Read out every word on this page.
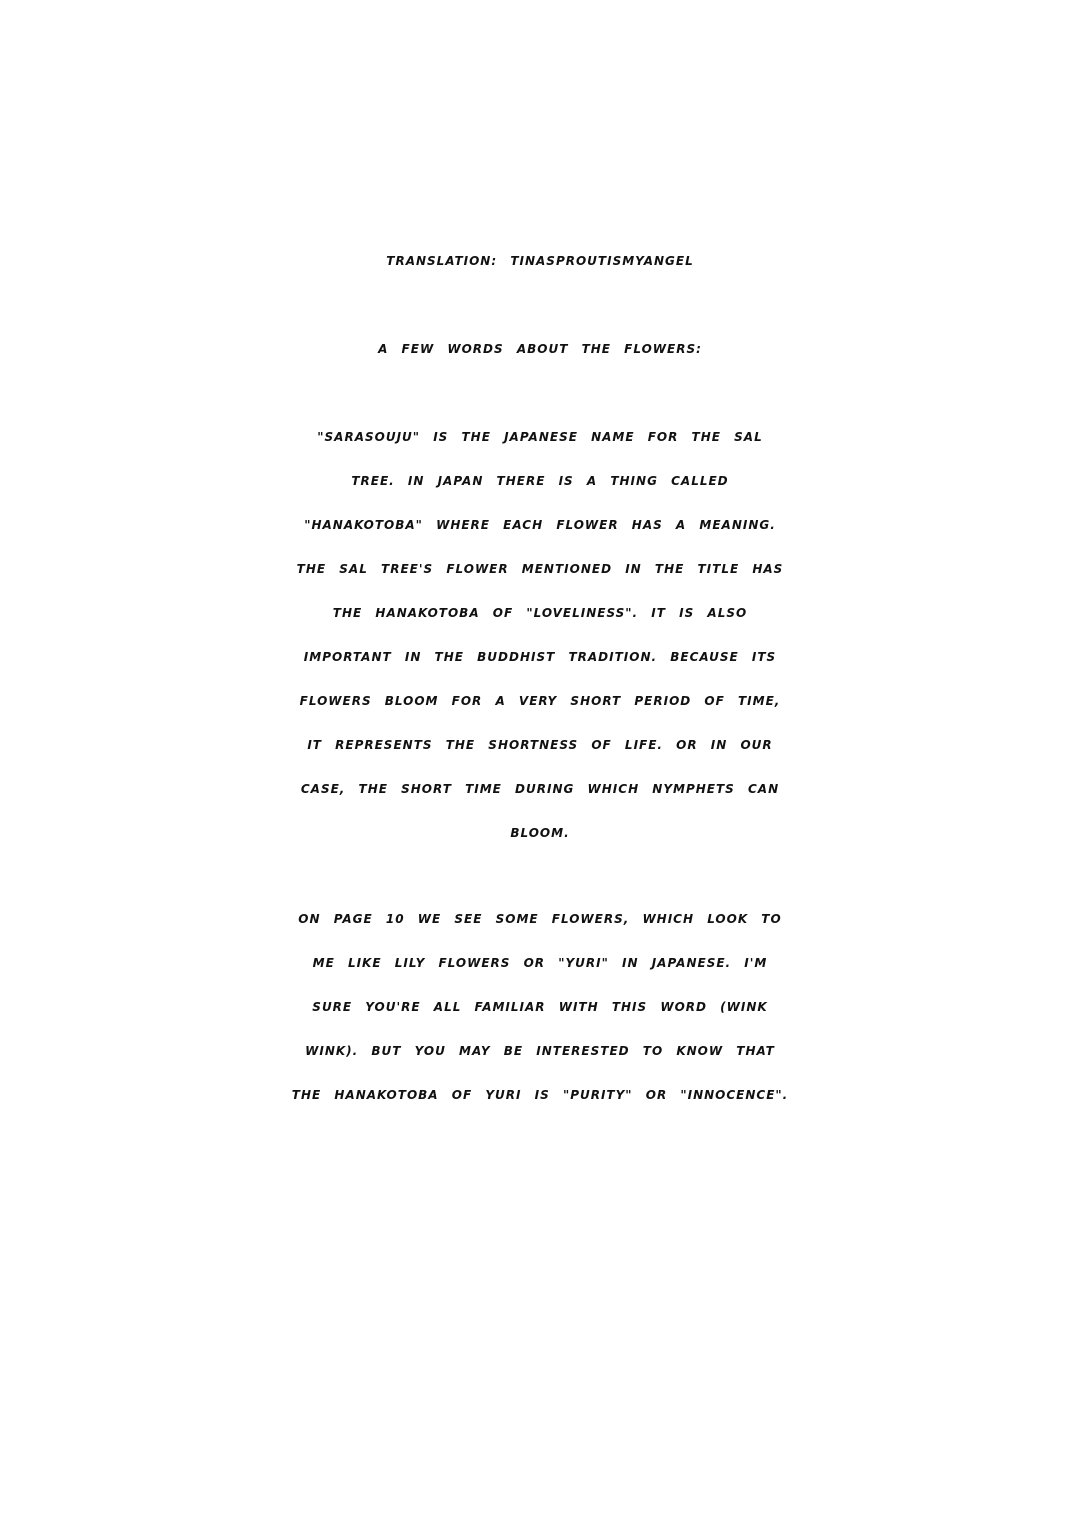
TRANSLATION: TINASPROUTISMYANGEL
A FEW WORDS ABOUT THE FLOWERS:
"SARASOUJU" IS THE JAPANESE NAME FOR THE SAL
TREE. IN JAPAN THERE IS A THING CALLED
"HANAKOTOBA" WHERE EACH FLOWER HAS A MEANING.
THE SAL TREE'S FLOWER MENTIONED IN THE TITLE HAS
THE HANAKOTOBA OF "LOVELINESS". IT IS ALSO
IMPORTANT IN THE BUDDHIST TRADITION. BECAUSE ITS
FLOWERS BLOOM FOR A VERY SHORT PERIOD OF TIME,
IT REPRESENTS THE SHORTNESS OF LIFE. OR IN OUR
CASE, THE SHORT TIME DURING WHICH NYMPHETS CAN
BLOOM.
ON PAGE 10 WE SEE SOME FLOWERS, WHICH LOOK TO
ME LIKE LILY FLOWERS OR "YURI" IN JAPANESE. I'M
SURE YOU'RE ALL FAMILIAR WITH THIS WORD (WINK
WINK). BUT YOU MAY BE INTERESTED TO KNOW THAT
THE HANAKOTOBA OF YURI IS "PURITY" OR "INNOCENCE".
